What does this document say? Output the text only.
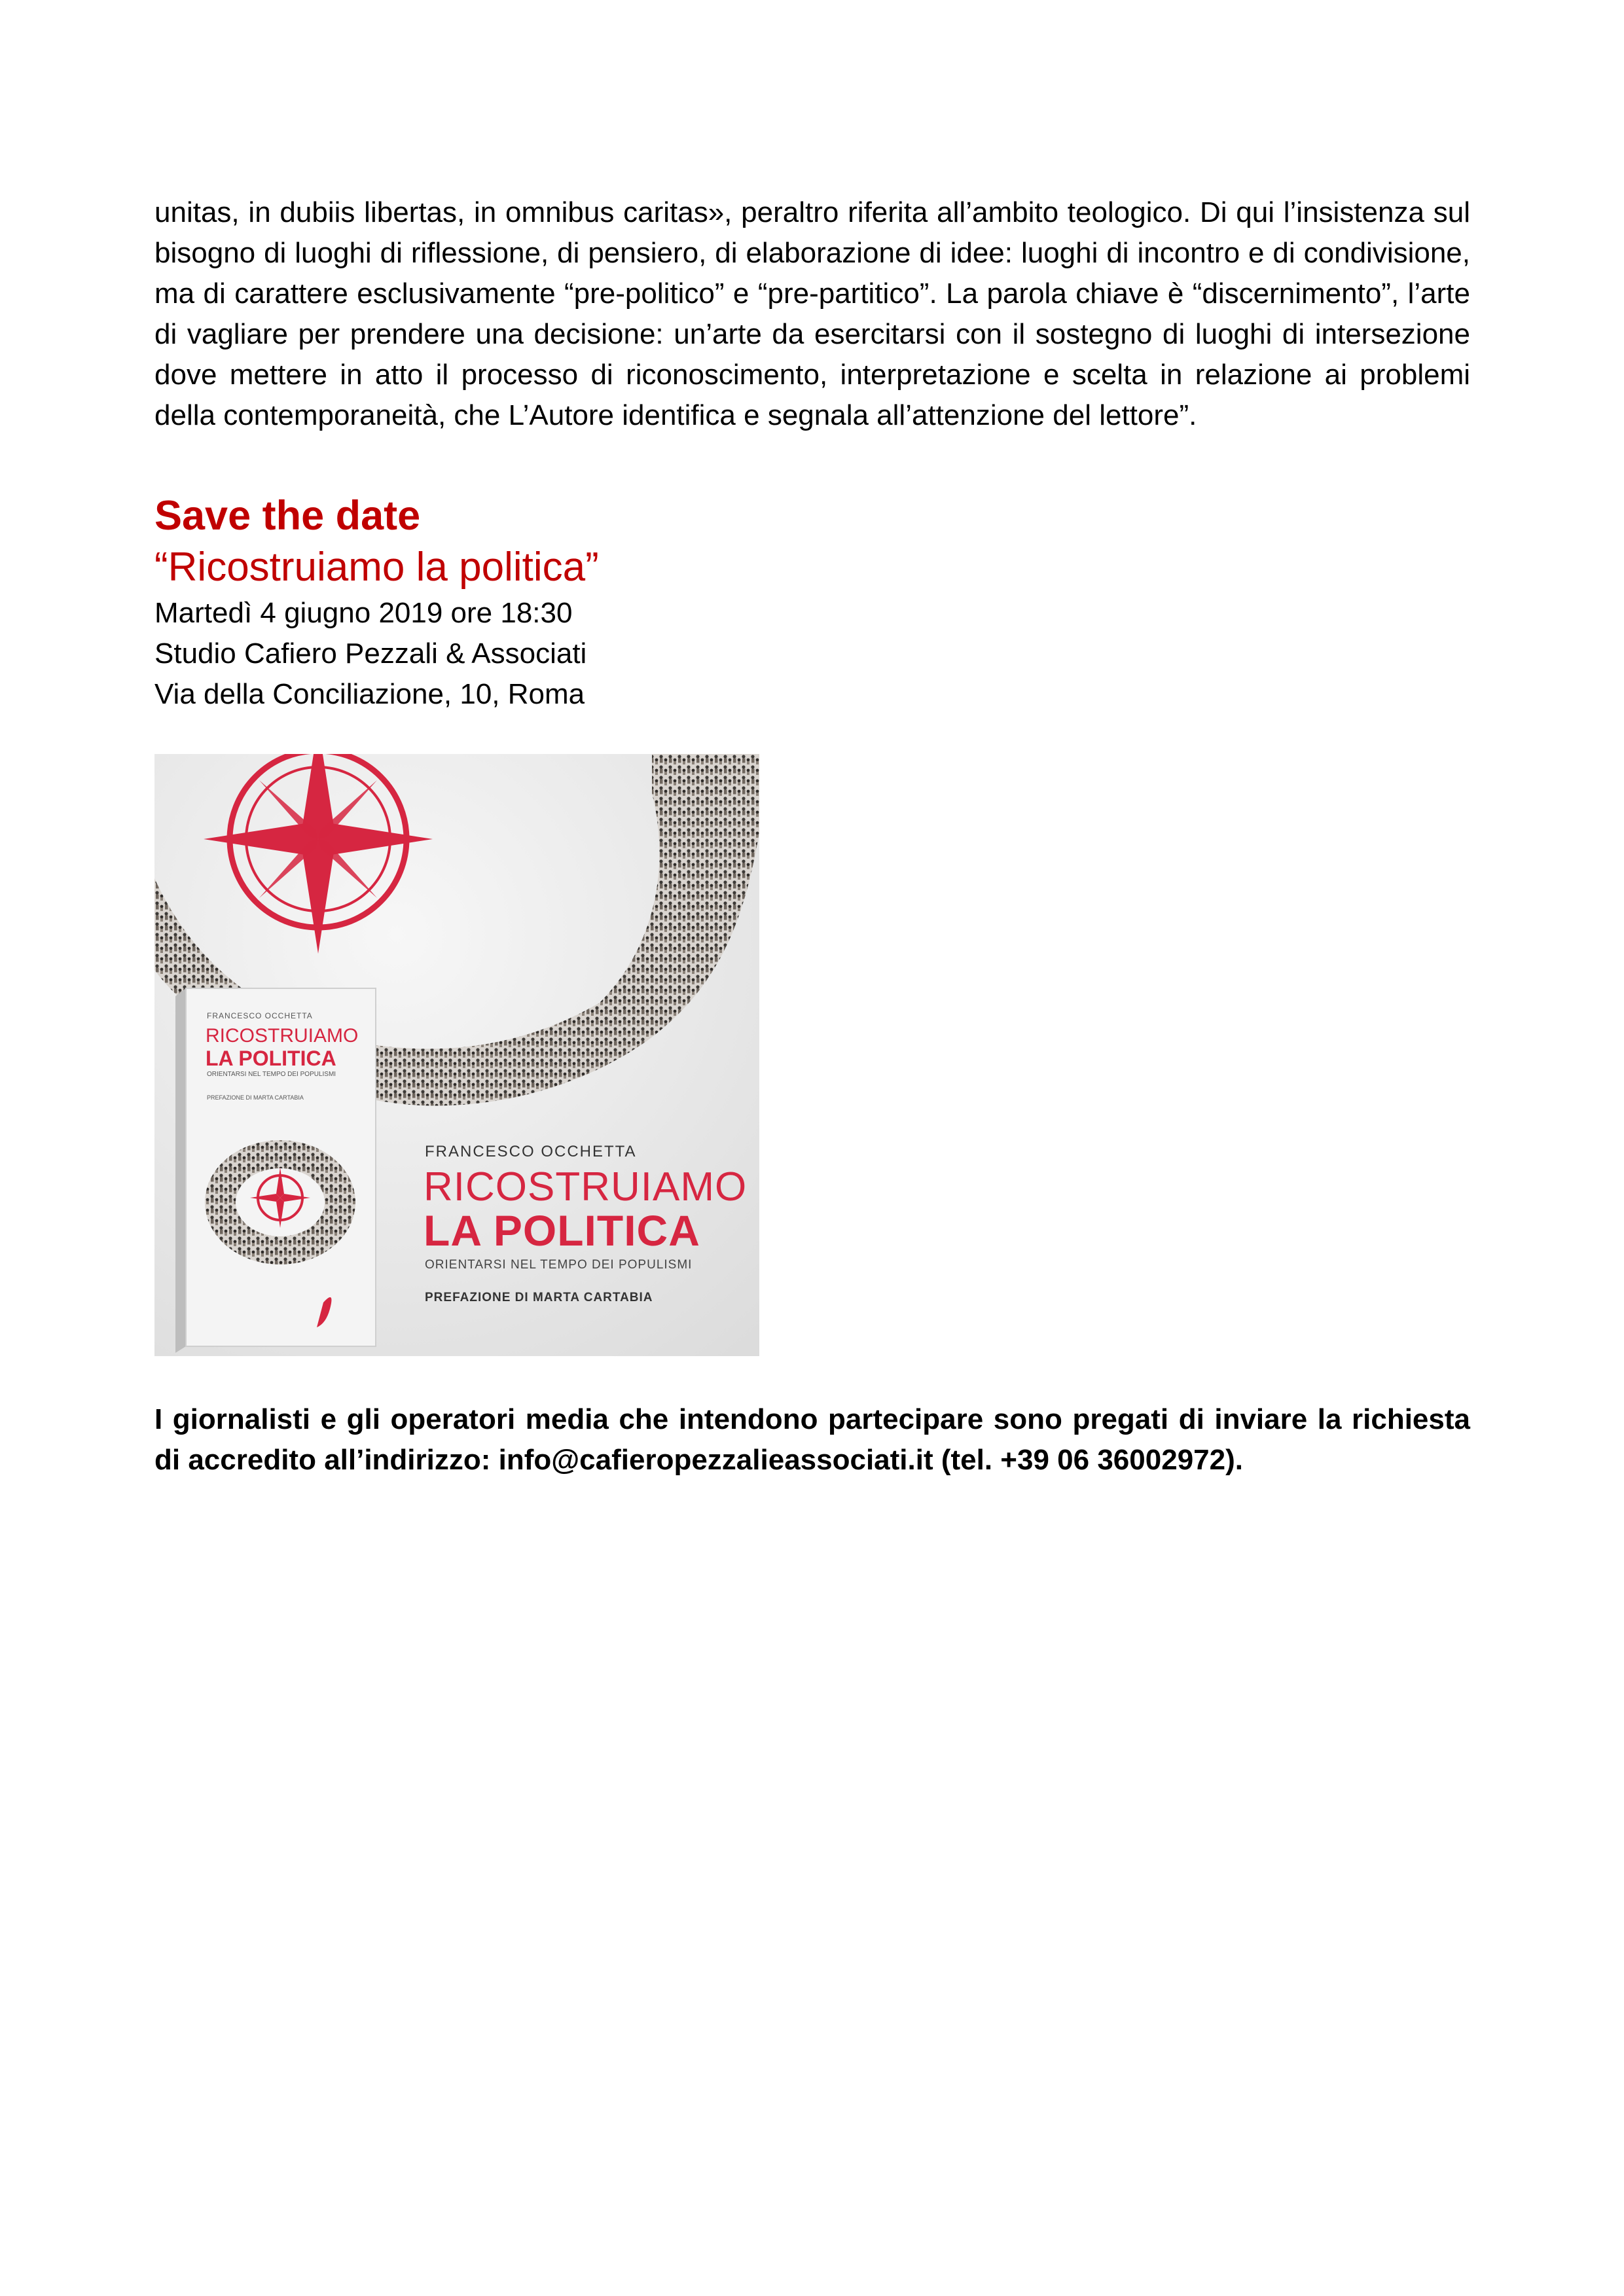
unitas, in dubiis libertas, in omnibus caritas», peraltro riferita all’ambito teologico. Di qui l’insistenza sul bisogno di luoghi di riflessione, di pensiero, di elaborazione di idee: luoghi di incontro e di condivisione, ma di carattere esclusivamente “pre-politico” e “pre-partitico”. La parola chiave è “discernimento”, l’arte di vagliare per prendere una decisione: un’arte da esercitarsi con il sostegno di luoghi di intersezione dove mettere in atto il processo di riconoscimento, interpretazione e scelta in relazione ai problemi della contemporaneità, che L’Autore identifica e segnala all’attenzione del lettore”.

Save the date
“Ricostruiamo la politica”
Martedì 4 giugno 2019 ore 18:30
Studio Cafiero Pezzali & Associati
Via della Conciliazione, 10, Roma
FRANCESCO OCCHETTA
RICOSTRUIAMO
LA POLITICA
ORIENTARSI NEL TEMPO DEI POPULISMI
PREFAZIONE DI MARTA CARTABIA
FRANCESCO OCCHETTA
RICOSTRUIAMO
LA POLITICA
ORIENTARSI NEL TEMPO DEI POPULISMI
PREFAZIONE DI MARTA CARTABIA

I giornalisti e gli operatori media che intendono partecipare sono pregati di inviare la richiesta di accredito all’indirizzo: info@cafieropezzalieassociati.it (tel. +39 06 36002972).
